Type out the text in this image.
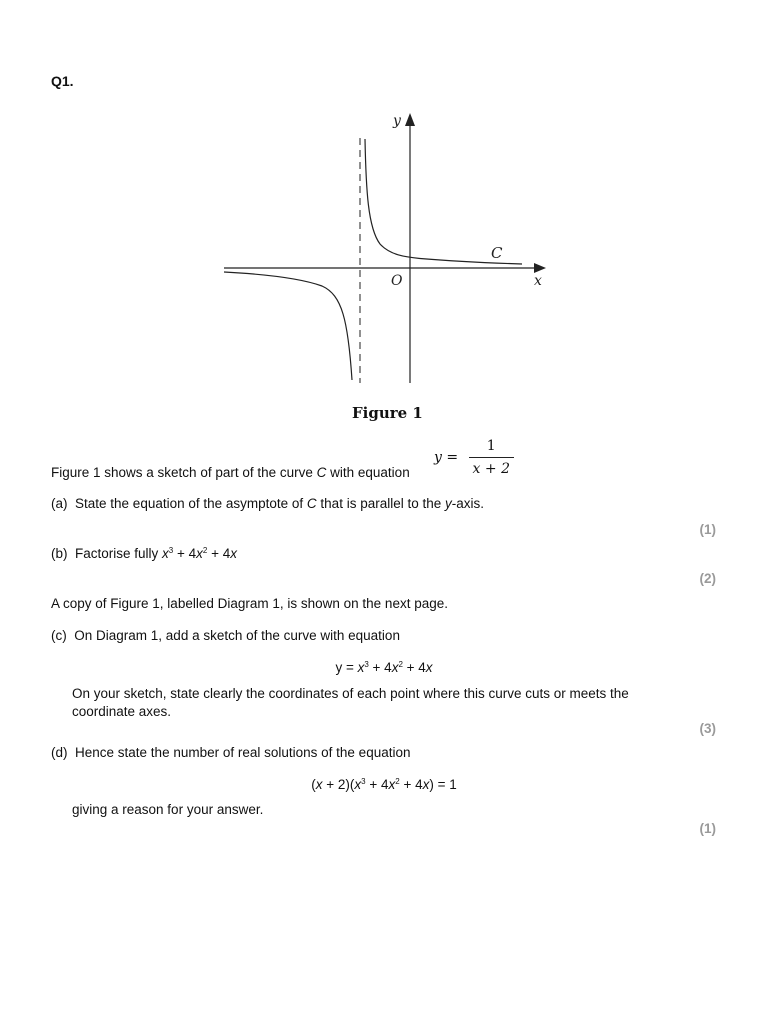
Q1.
y
x
O
C
Figure 1
$y = \frac{1}{x + 2}$
Figure 1 shows a sketch of part of the curve C with equation
(a) State the equation of the asymptote of C that is parallel to the y-axis.
(1)
(b) Factorise fully $x^3 + 4x^2 + 4x$
(2)
A copy of Figure 1, labelled Diagram 1, is shown on the next page.
(c) On Diagram 1, add a sketch of the curve with equation
$y = x^3 + 4x^2 + 4x$
On your sketch, state clearly the coordinates of each point where this curve cuts or meets the coordinate axes.
(3)
(d) Hence state the number of real solutions of the equation
$(x + 2)(x^3 + 4x^2 + 4x) = 1$
giving a reason for your answer.
(1)
